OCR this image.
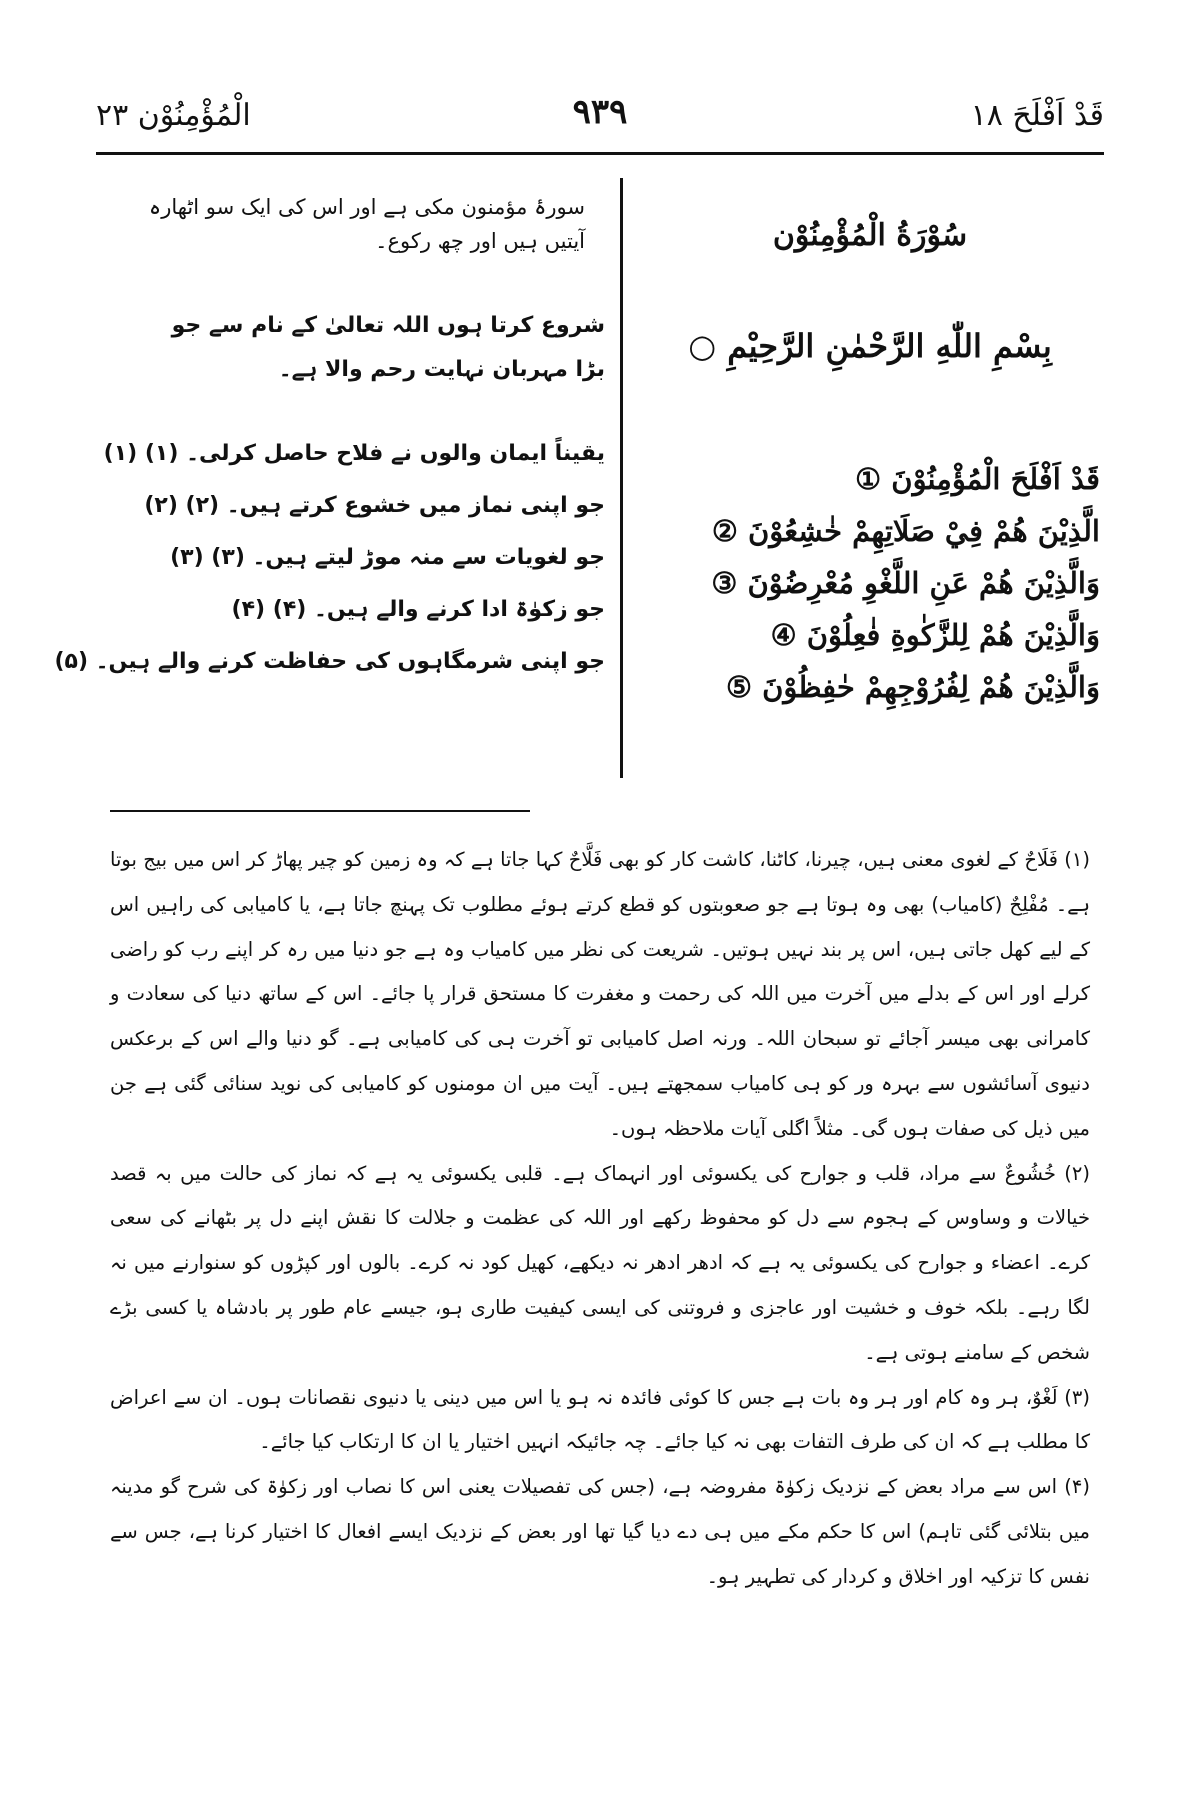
قَدْ اَفْلَحَ ١٨
٩٣٩
الْمُؤْمِنُوْن ٢٣
سُوْرَةُ الْمُؤْمِنُوْن
بِسْمِ اللّٰهِ الرَّحْمٰنِ الرَّحِيْمِ ○
قَدْ اَفْلَحَ الْمُؤْمِنُوْنَ ①
الَّذِيْنَ هُمْ فِيْ صَلَاتِهِمْ خٰشِعُوْنَ ②
وَالَّذِيْنَ هُمْ عَنِ اللَّغْوِ مُعْرِضُوْنَ ③
وَالَّذِيْنَ هُمْ لِلزَّكٰوةِ فٰعِلُوْنَ ④
وَالَّذِيْنَ هُمْ لِفُرُوْجِهِمْ حٰفِظُوْنَ ⑤
سورۂ مؤمنون مکی ہے اور اس کی ایک سو اٹھارہ آیتیں ہیں اور چھ رکوع۔
شروع کرتا ہوں اللہ تعالیٰ کے نام سے جو بڑا مہربان نہایت رحم والا ہے۔
یقیناً ایمان والوں نے فلاح حاصل کرلی۔ (۱) (۱)
جو اپنی نماز میں خشوع کرتے ہیں۔ (۲) (۲)
جو لغویات سے منہ موڑ لیتے ہیں۔ (۳) (۳)
جو زکوٰۃ ادا کرنے والے ہیں۔ (۴) (۴)
جو اپنی شرمگاہوں کی حفاظت کرنے والے ہیں۔ (۵)

(۱) فَلَاحٌ کے لغوی معنی ہیں، چیرنا، کاٹنا، کاشت کار کو بھی فَلَّاحٌ کہا جاتا ہے کہ وہ زمین کو چیر پھاڑ کر اس میں بیج بوتا ہے۔ مُفْلِحٌ (کامیاب) بھی وہ ہوتا ہے جو صعوبتوں کو قطع کرتے ہوئے مطلوب تک پہنچ جاتا ہے، یا کامیابی کی راہیں اس کے لیے کھل جاتی ہیں، اس پر بند نہیں ہوتیں۔ شریعت کی نظر میں کامیاب وہ ہے جو دنیا میں رہ کر اپنے رب کو راضی کرلے اور اس کے بدلے میں آخرت میں اللہ کی رحمت و مغفرت کا مستحق قرار پا جائے۔ اس کے ساتھ دنیا کی سعادت و کامرانی بھی میسر آجائے تو سبحان اللہ۔ ورنہ اصل کامیابی تو آخرت ہی کی کامیابی ہے۔ گو دنیا والے اس کے برعکس دنیوی آسائشوں سے بہرہ ور کو ہی کامیاب سمجھتے ہیں۔ آیت میں ان مومنوں کو کامیابی کی نوید سنائی گئی ہے جن میں ذیل کی صفات ہوں گی۔ مثلاً اگلی آیات ملاحظہ ہوں۔

(۲) خُشُوعٌ سے مراد، قلب و جوارح کی یکسوئی اور انہماک ہے۔ قلبی یکسوئی یہ ہے کہ نماز کی حالت میں بہ قصد خیالات و وساوس کے ہجوم سے دل کو محفوظ رکھے اور اللہ کی عظمت و جلالت کا نقش اپنے دل پر بٹھانے کی سعی کرے۔ اعضاء و جوارح کی یکسوئی یہ ہے کہ ادھر ادھر نہ دیکھے، کھیل کود نہ کرے۔ بالوں اور کپڑوں کو سنوارنے میں نہ لگا رہے۔ بلکہ خوف و خشیت اور عاجزی و فروتنی کی ایسی کیفیت طاری ہو، جیسے عام طور پر بادشاہ یا کسی بڑے شخص کے سامنے ہوتی ہے۔

(۳) لَغْوٌ، ہر وہ کام اور ہر وہ بات ہے جس کا کوئی فائدہ نہ ہو یا اس میں دینی یا دنیوی نقصانات ہوں۔ ان سے اعراض کا مطلب ہے کہ ان کی طرف التفات بھی نہ کیا جائے۔ چہ جائیکہ انہیں اختیار یا ان کا ارتکاب کیا جائے۔

(۴) اس سے مراد بعض کے نزدیک زکوٰۃ مفروضہ ہے، (جس کی تفصیلات یعنی اس کا نصاب اور زکوٰۃ کی شرح گو مدینہ میں بتلائی گئی تاہم) اس کا حکم مکے میں ہی دے دیا گیا تھا اور بعض کے نزدیک ایسے افعال کا اختیار کرنا ہے، جس سے نفس کا تزکیہ اور اخلاق و کردار کی تطہیر ہو۔
